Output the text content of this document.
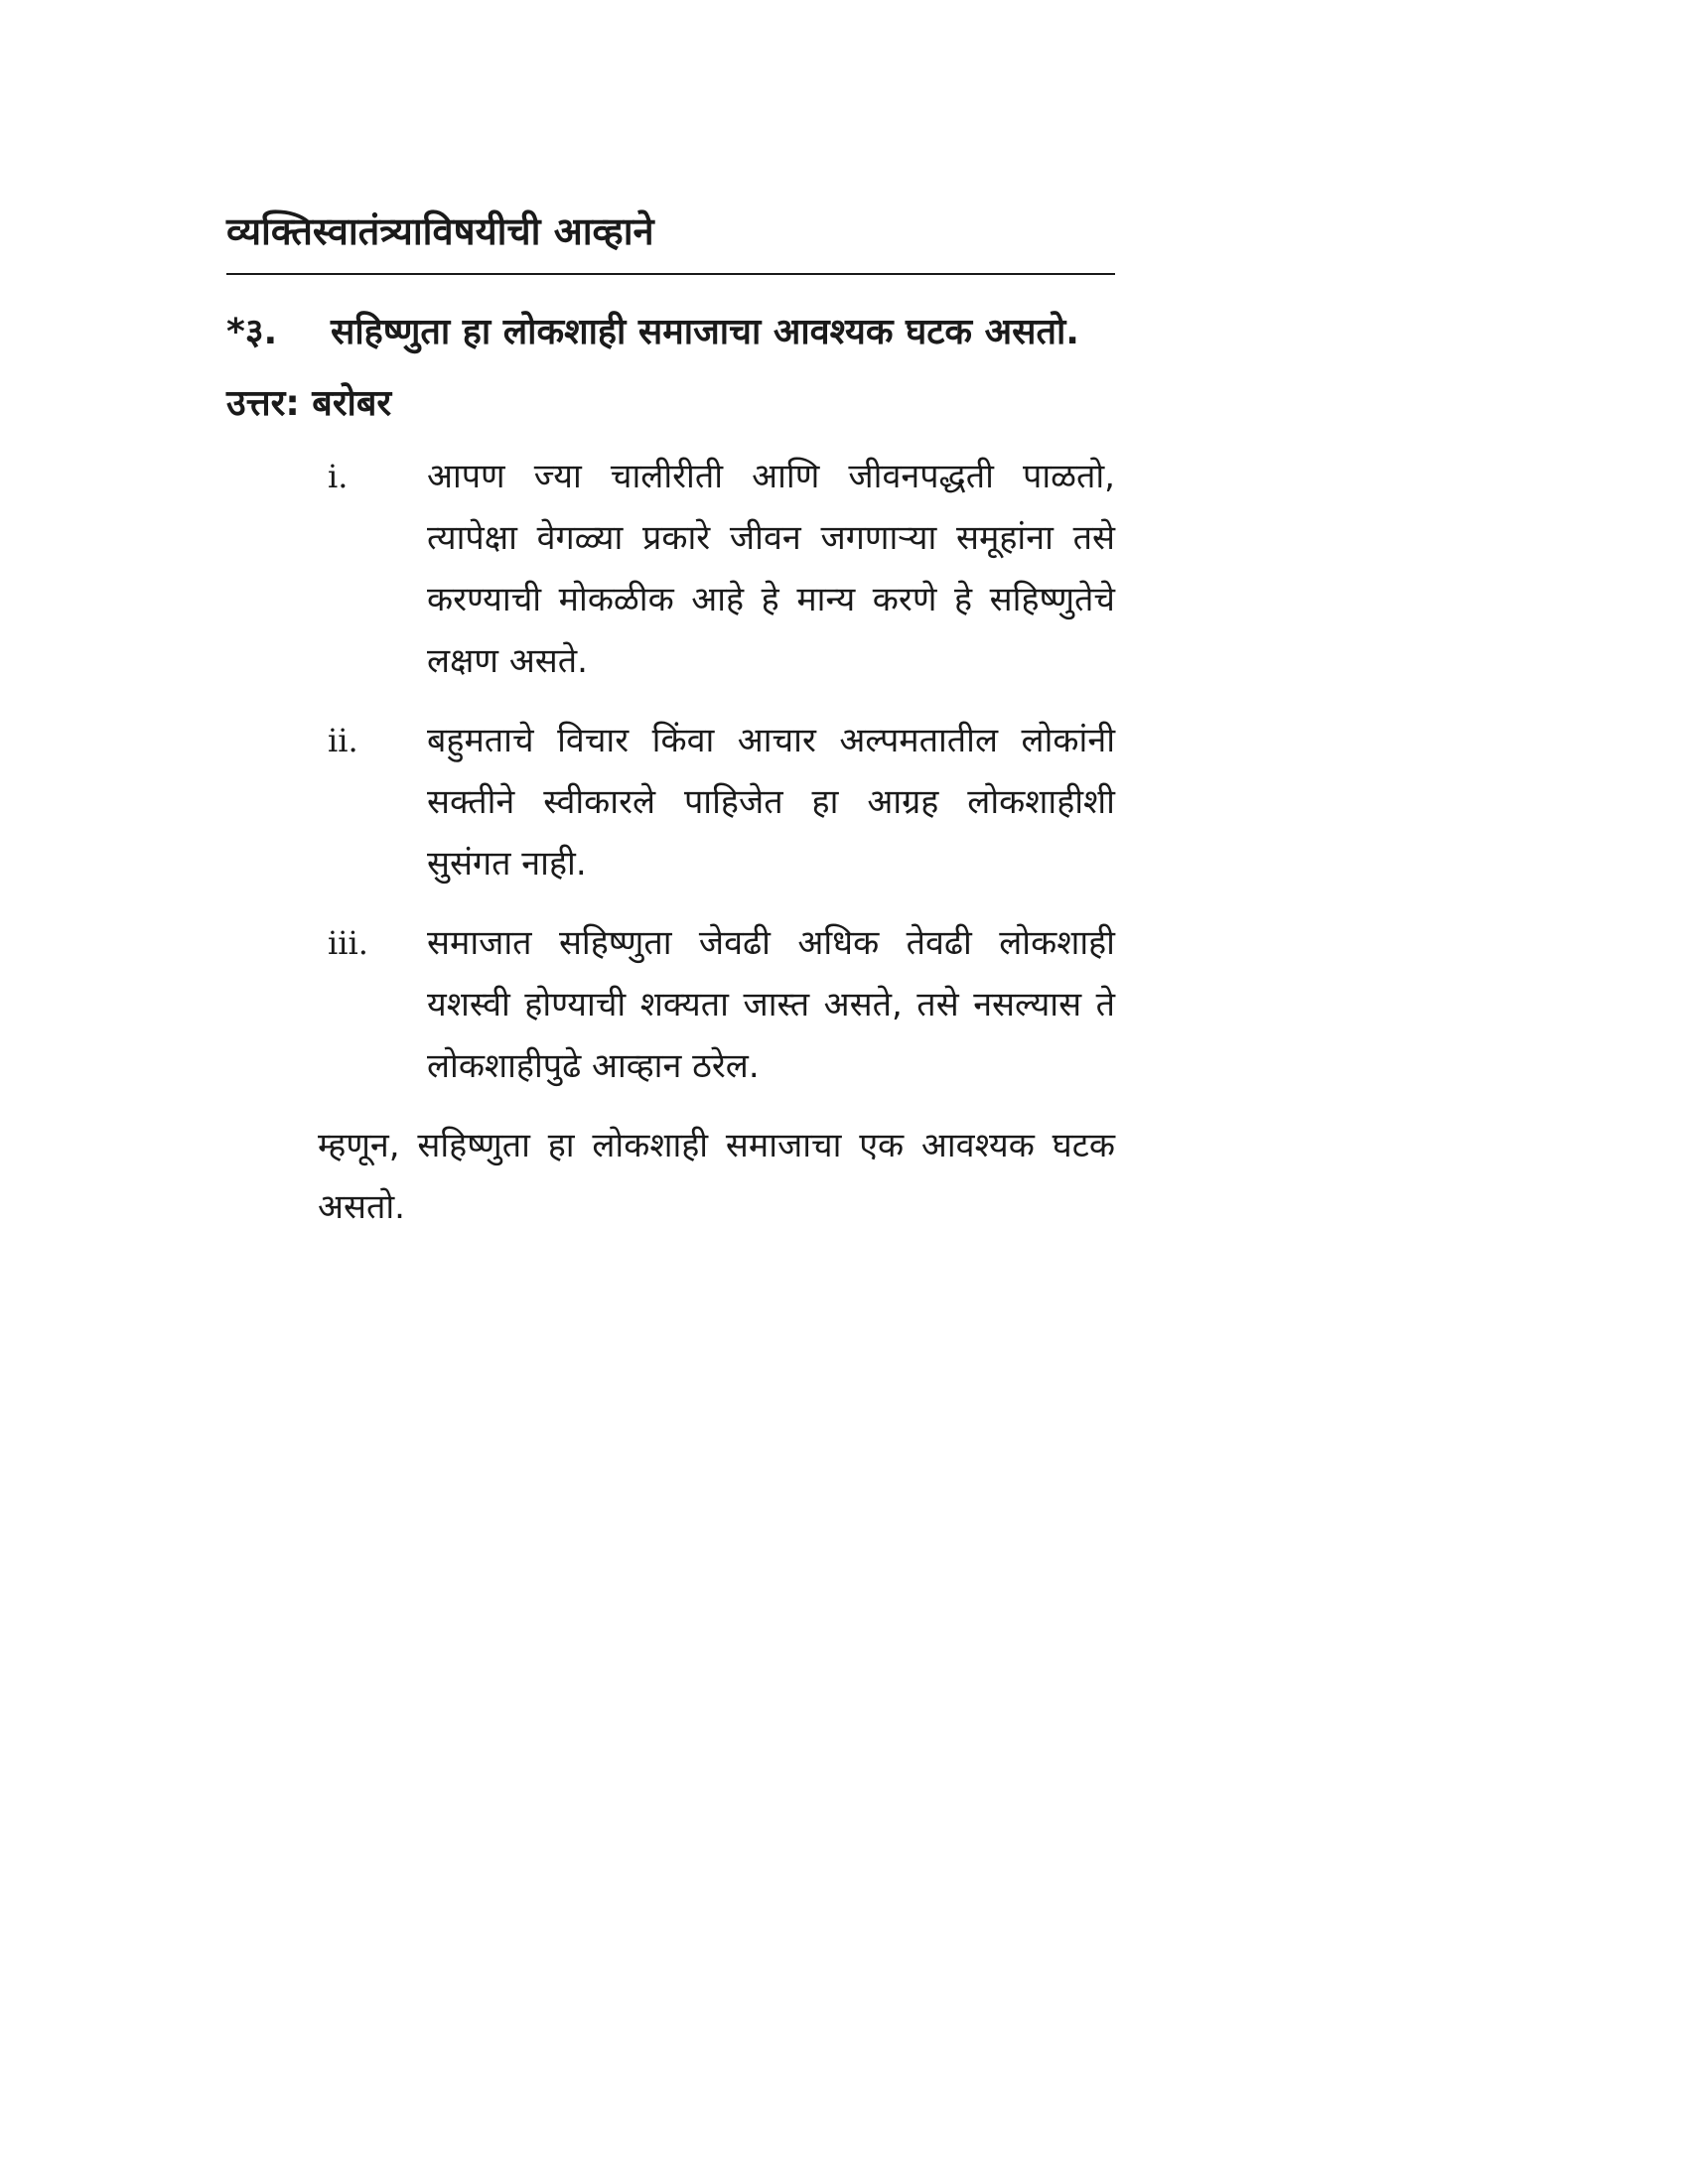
व्यक्तिस्वातंत्र्याविषयीची आव्हाने
*३.	सहिष्णुता हा लोकशाही समाजाचा आवश्यक घटक असतो.
उत्तर: बरोबर
i.	आपण ज्या चालीरीती आणि जीवनपद्धती पाळतो, त्यापेक्षा वेगळ्या प्रकारे जीवन जगणाऱ्या समूहांना तसे करण्याची मोकळीक आहे हे मान्य करणे हे सहिष्णुतेचे लक्षण असते.
ii.	बहुमताचे विचार किंवा आचार अल्पमतातील लोकांनी सक्तीने स्वीकारले पाहिजेत हा आग्रह लोकशाहीशी सुसंगत नाही.
iii.	समाजात सहिष्णुता जेवढी अधिक तेवढी लोकशाही यशस्वी होण्याची शक्यता जास्त असते, तसे नसल्यास ते लोकशाहीपुढे आव्हान ठरेल.

म्हणून, सहिष्णुता हा लोकशाही समाजाचा एक आवश्यक घटक असतो.
